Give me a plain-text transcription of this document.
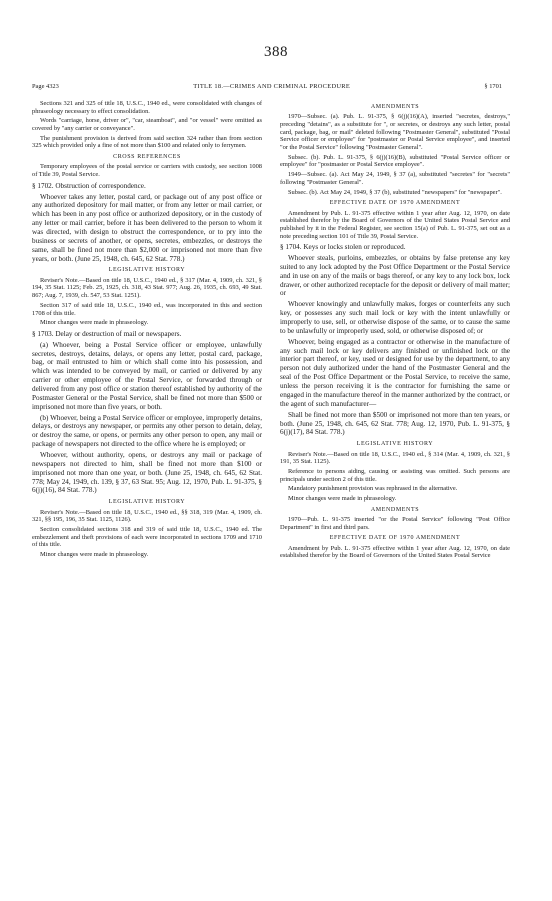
388
Page 4323	TITLE 18.—CRIMES AND CRIMINAL PROCEDURE	§ 1701

Sections 321 and 325 of title 18, U.S.C., 1940 ed., were consolidated with changes of phraseology necessary to effect consolidation.

Words "carriage, horse, driver or", "car, steamboat", and "or vessel" were omitted as covered by "any carrier or conveyance".

The punishment provision is derived from said section 324 rather than from section 325 which provided only a fine of not more than $100 and related only to ferrymen.

CROSS REFERENCES

Temporary employees of the postal service or carriers with custody, see section 1008 of Title 39, Postal Service.

§ 1702. Obstruction of correspondence.

Whoever takes any letter, postal card, or package out of any post office or any authorized depository for mail matter, or from any letter or mail carrier, or which has been in any post office or authorized depository, or in the custody of any letter or mail carrier, before it has been delivered to the person to whom it was directed, with design to obstruct the correspondence, or to pry into the business or secrets of another, or opens, secretes, embezzles, or destroys the same, shall be fined not more than $2,000 or imprisoned not more than five years, or both. (June 25, 1948, ch. 645, 62 Stat. 778.)

LEGISLATIVE HISTORY

Reviser's Note.—Based on title 18, U.S.C., 1940 ed., § 317 (Mar. 4, 1909, ch. 321, § 194, 35 Stat. 1125; Feb. 25, 1925, ch. 318, 43 Stat. 977; Aug. 26, 1935, ch. 693, 49 Stat. 867; Aug. 7, 1939, ch. 547, 53 Stat. 1251).

Section 317 of said title 18, U.S.C., 1940 ed., was incorporated in this and section 1708 of this title.

Minor changes were made in phraseology.

§ 1703. Delay or destruction of mail or newspapers.

(a) Whoever, being a Postal Service officer or employee, unlawfully secretes, destroys, detains, delays, or opens any letter, postal card, package, bag, or mail entrusted to him or which shall come into his possession, and which was intended to be conveyed by mail, or carried or delivered by any carrier or other employee of the Postal Service, or forwarded through or delivered from any post office or station thereof established by authority of the Postmaster General or the Postal Service, shall be fined not more than $500 or imprisoned not more than five years, or both.

(b) Whoever, being a Postal Service officer or employee, improperly detains, delays, or destroys any newspaper, or permits any other person to detain, delay, or destroy the same, or opens, or permits any other person to open, any mail or package of newspapers not directed to the office where he is employed; or

Whoever, without authority, opens, or destroys any mail or package of newspapers not directed to him, shall be fined not more than $100 or imprisoned not more than one year, or both. (June 25, 1948, ch. 645, 62 Stat. 778; May 24, 1949, ch. 139, § 37, 63 Stat. 95; Aug. 12, 1970, Pub. L. 91-375, § 6(j)(16), 84 Stat. 778.)

LEGISLATIVE HISTORY

Reviser's Note.—Based on title 18, U.S.C., 1940 ed., §§ 318, 319 (Mar. 4, 1909, ch. 321, §§ 195, 196, 35 Stat. 1125, 1126).

Section consolidated sections 318 and 319 of said title 18, U.S.C., 1940 ed. The embezzlement and theft provisions of each were incorporated in sections 1709 and 1710 of this title.

Minor changes were made in phraseology.

AMENDMENTS

1970—Subsec. (a). Pub. L. 91-375, § 6(j)(16)(A), inserted "secretes, destroys," preceding "detains", as a substitute for ", or secretes, or destroys any such letter, postal card, package, bag, or mail" deleted following "Postmaster General", substituted "Postal Service officer or employee" for "postmaster or Postal Service employee", and inserted "or the Postal Service" following "Postmaster General".

Subsec. (b). Pub. L. 91-375, § 6(j)(16)(B), substituted "Postal Service officer or employee" for "postmaster or Postal Service employee".

1949—Subsec. (a). Act May 24, 1949, § 37 (a), substituted "secretes" for "secrets" following "Postmaster General".

Subsec. (b). Act May 24, 1949, § 37 (b), substituted "newspapers" for "newspaper".

EFFECTIVE DATE OF 1970 AMENDMENT

Amendment by Pub. L. 91-375 effective within 1 year after Aug. 12, 1970, on date established therefor by the Board of Governors of the United States Postal Service and published by it in the Federal Register, see section 15(a) of Pub. L. 91-375, set out as a note preceding section 101 of Title 39, Postal Service.

§ 1704. Keys or locks stolen or reproduced.

Whoever steals, purloins, embezzles, or obtains by false pretense any key suited to any lock adopted by the Post Office Department or the Postal Service and in use on any of the mails or bags thereof, or any key to any lock box, lock drawer, or other authorized receptacle for the deposit or delivery of mail matter; or

Whoever knowingly and unlawfully makes, forges or counterfeits any such key, or possesses any such mail lock or key with the intent unlawfully or improperly to use, sell, or otherwise dispose of the same, or to cause the same to be unlawfully or improperly used, sold, or otherwise disposed of; or

Whoever, being engaged as a contractor or otherwise in the manufacture of any such mail lock or key delivers any finished or unfinished lock or the interior part thereof, or key, used or designed for use by the department, to any person not duly authorized under the hand of the Postmaster General and the seal of the Post Office Department or the Postal Service, to receive the same, unless the person receiving it is the contractor for furnishing the same or engaged in the manufacture thereof in the manner authorized by the contract, or the agent of such manufacturer—

Shall be fined not more than $500 or imprisoned not more than ten years, or both. (June 25, 1948, ch. 645, 62 Stat. 778; Aug. 12, 1970, Pub. L. 91-375, § 6(j)(17), 84 Stat. 778.)

LEGISLATIVE HISTORY

Reviser's Note.—Based on title 18, U.S.C., 1940 ed., § 314 (Mar. 4, 1909, ch. 321, § 191, 35 Stat. 1125).

Reference to persons aiding, causing or assisting was omitted. Such persons are principals under section 2 of this title.

Mandatory punishment provision was rephrased in the alternative.

Minor changes were made in phraseology.

AMENDMENTS

1970—Pub. L. 91-375 inserted "or the Postal Service" following "Post Office Department" in first and third pars.

EFFECTIVE DATE OF 1970 AMENDMENT

Amendment by Pub. L. 91-375 effective within 1 year after Aug. 12, 1970, on date established therefor by the Board of Governors of the United States Postal Service
